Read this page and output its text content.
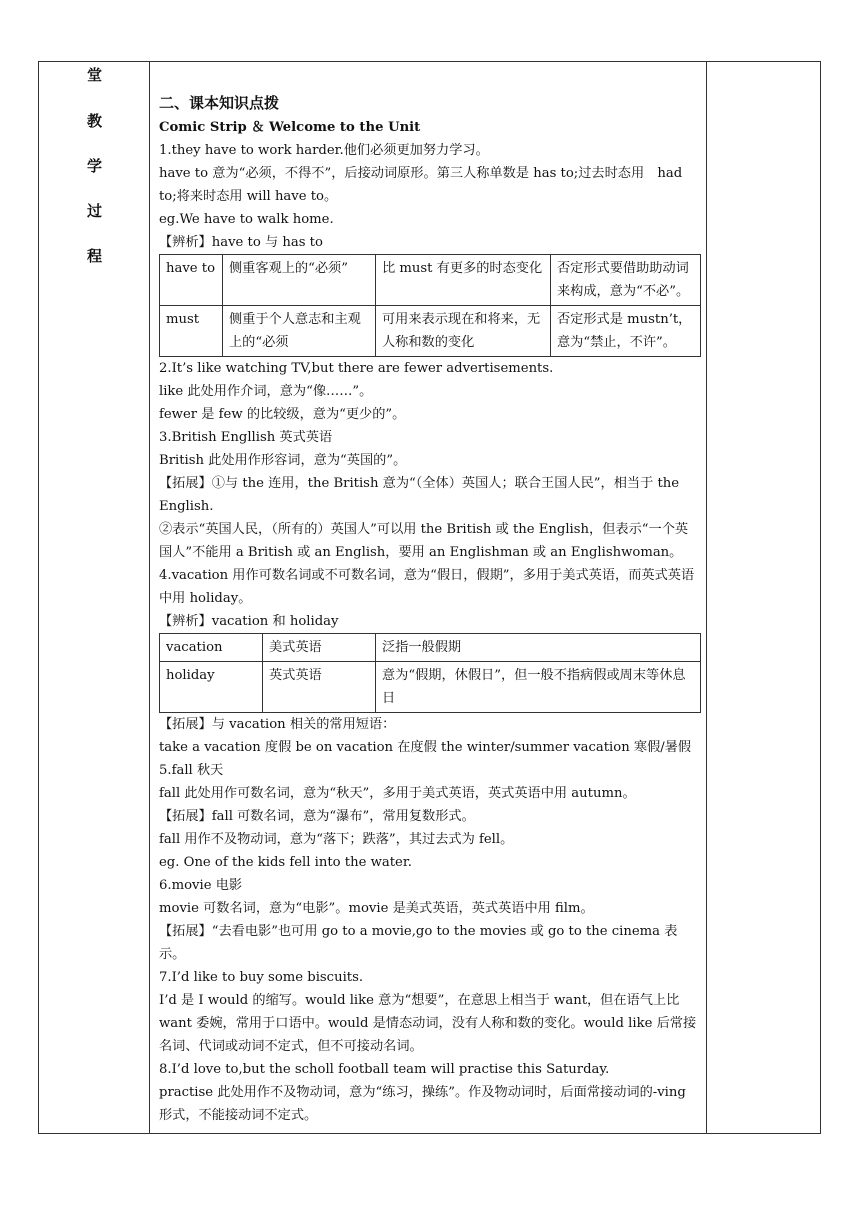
堂
教
学
过
程

二、课本知识点拨

Comic Strip ＆ Welcome to the Unit

1.they have to work harder.他们必须更加努力学习。

have to 意为“必须，不得不”，后接动词原形。第三人称单数是 has to;过去时态用　had to;将来时态用 will have to。

eg.We have to walk home.

【辨析】have to 与 has to

have to	侧重客观上的“必须”	比 must 有更多的时态变化	否定形式要借助助动词来构成，意为“不必”。
must	侧重于个人意志和主观上的“必须	可用来表示现在和将来，无人称和数的变化	否定形式是 mustn’t，意为“禁止，不许”。

2.It’s like watching TV,but there are fewer advertisements.

like 此处用作介词，意为“像……”。

fewer 是 few 的比较级，意为“更少的”。

3.British Engllish 英式英语

British 此处用作形容词，意为“英国的”。

【拓展】①与 the 连用，the British 意为“（全体）英国人；联合王国人民”，相当于 the English.

②表示“英国人民，（所有的）英国人”可以用 the British 或 the English，但表示“一个英国人”不能用 a British 或 an English，要用 an Englishman 或 an Englishwoman。

4.vacation 用作可数名词或不可数名词，意为“假日，假期”，多用于美式英语，而英式英语中用 holiday。

【辨析】vacation 和 holiday

vacation	美式英语	泛指一般假期
holiday	英式英语	意为“假期，休假日”，但一般不指病假或周末等休息日

【拓展】与 vacation 相关的常用短语：

take a vacation 度假 be on vacation 在度假 the winter/summer vacation 寒假/暑假

5.fall 秋天

fall 此处用作可数名词，意为“秋天”，多用于美式英语，英式英语中用 autumn。

【拓展】fall 可数名词，意为“瀑布”，常用复数形式。

fall 用作不及物动词，意为“落下；跌落”，其过去式为 fell。

eg. One of the kids fell into the water.

6.movie 电影

movie 可数名词，意为“电影”。movie 是美式英语，英式英语中用 film。

【拓展】“去看电影”也可用 go to a movie,go to the movies 或 go to the cinema 表示。

7.I’d like to buy some biscuits.

I’d 是 I would 的缩写。would like 意为“想要”，在意思上相当于 want，但在语气上比 want 委婉，常用于口语中。would 是情态动词，没有人称和数的变化。would like 后常接名词、代词或动词不定式，但不可接动名词。

8.I’d love to,but the scholl football team will practise this Saturday.

practise 此处用作不及物动词，意为“练习，操练”。作及物动词时，后面常接动词的-ving 形式，不能接动词不定式。
